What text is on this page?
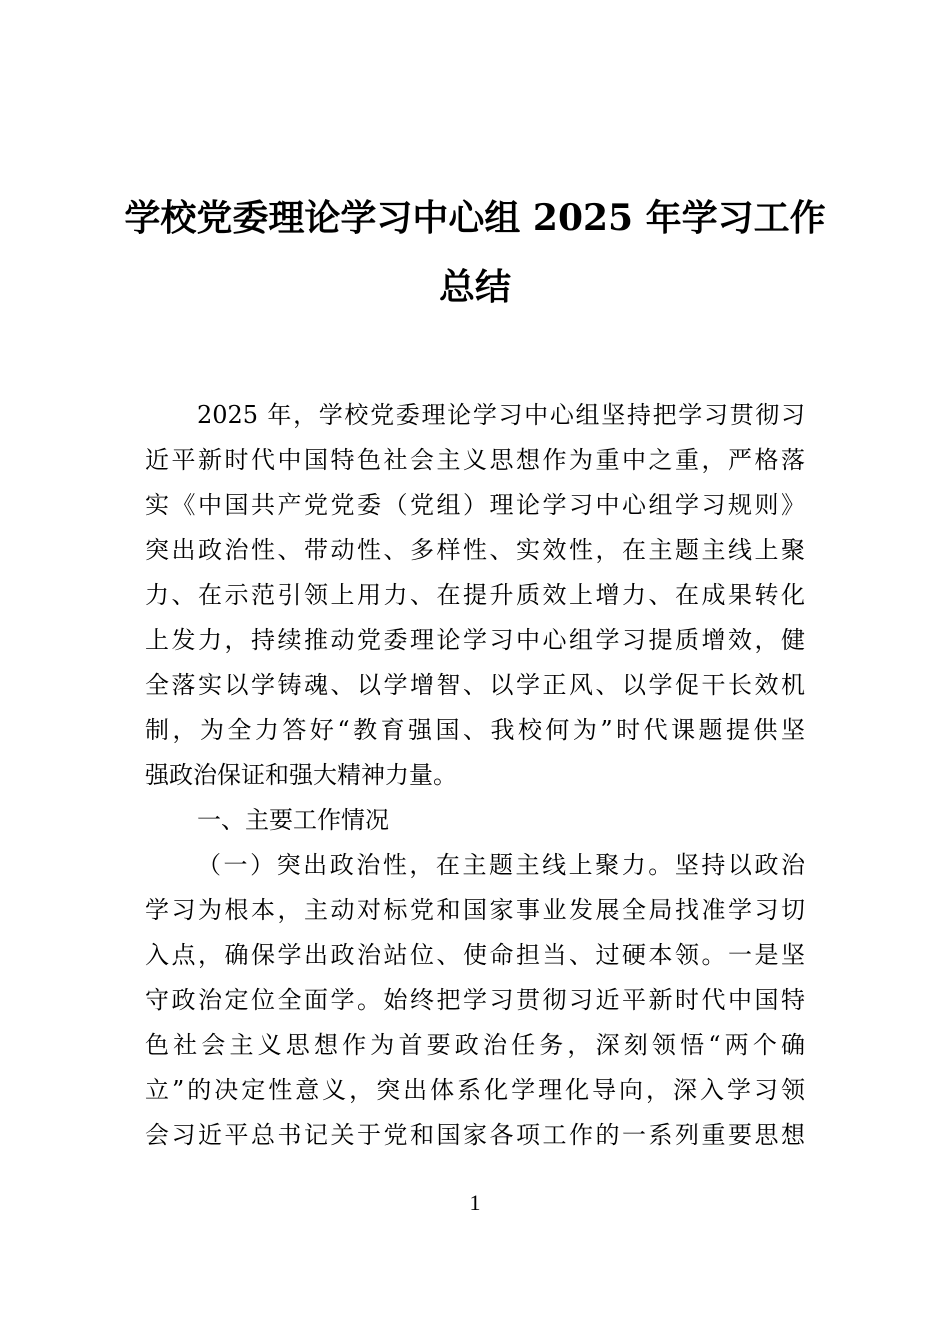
学校党委理论学习中心组 2025 年学习工作
总结
2025 年，学校党委理论学习中心组坚持把学习贯彻习
近平新时代中国特色社会主义思想作为重中之重，严格落
实《中国共产党党委（党组）理论学习中心组学习规则》
突出政治性、带动性、多样性、实效性，在主题主线上聚
力、在示范引领上用力、在提升质效上增力、在成果转化
上发力，持续推动党委理论学习中心组学习提质增效，健
全落实以学铸魂、以学增智、以学正风、以学促干长效机
制，为全力答好“教育强国、我校何为”时代课题提供坚
强政治保证和强大精神力量。
一、主要工作情况
（一）突出政治性，在主题主线上聚力。坚持以政治
学习为根本，主动对标党和国家事业发展全局找准学习切
入点，确保学出政治站位、使命担当、过硬本领。一是坚
守政治定位全面学。始终把学习贯彻习近平新时代中国特
色社会主义思想作为首要政治任务，深刻领悟“两个确
立”的决定性意义，突出体系化学理化导向，深入学习领
会习近平总书记关于党和国家各项工作的一系列重要思想
1
